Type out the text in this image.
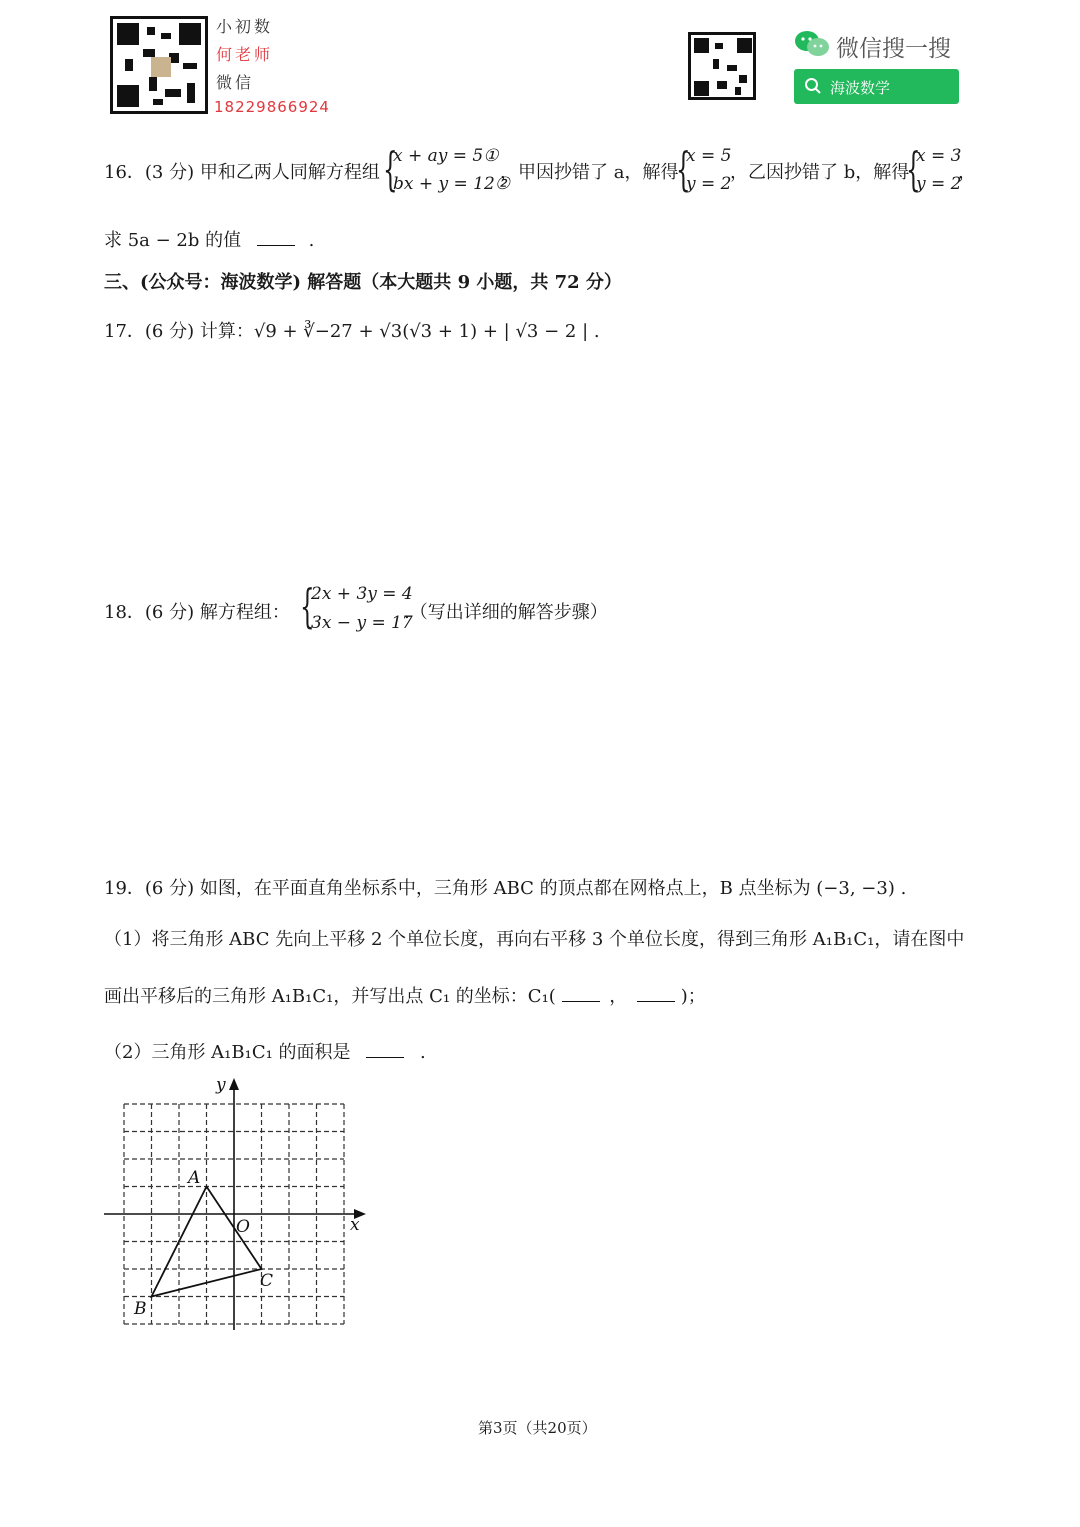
小初数
何老师
微信
18229866924
微信搜一搜
海波数学
16．(3 分) 甲和乙两人同解方程组 {
x + ay = 5①
bx + y = 12②
，甲因抄错了 a，解得
{
x = 5
y = 2
，乙因抄错了 b，解得
{
x = 3
y = 2
，
求 5a − 2b 的值	.
三、(公众号：海波数学) 解答题（本大题共 9 小题，共 72 分）
17．(6 分) 计算：√9 + ∛−27 + √3(√3 + 1) + | √3 − 2 | .
18．(6 分) 解方程组： {
2x + 3y = 4
3x − y = 17
.（写出详细的解答步骤）
19．(6 分) 如图，在平面直角坐标系中，三角形 ABC 的顶点都在网格点上，B 点坐标为 (−3, −3) .
（1）将三角形 ABC 先向上平移 2 个单位长度，再向右平移 3 个单位长度，得到三角形 A₁B₁C₁，请在图中
画出平移后的三角形 A₁B₁C₁，并写出点 C₁ 的坐标：C₁(	，	)；
（2）三角形 A₁B₁C₁ 的面积是	.
y
x
O
A
B
C
第3页（共20页）
